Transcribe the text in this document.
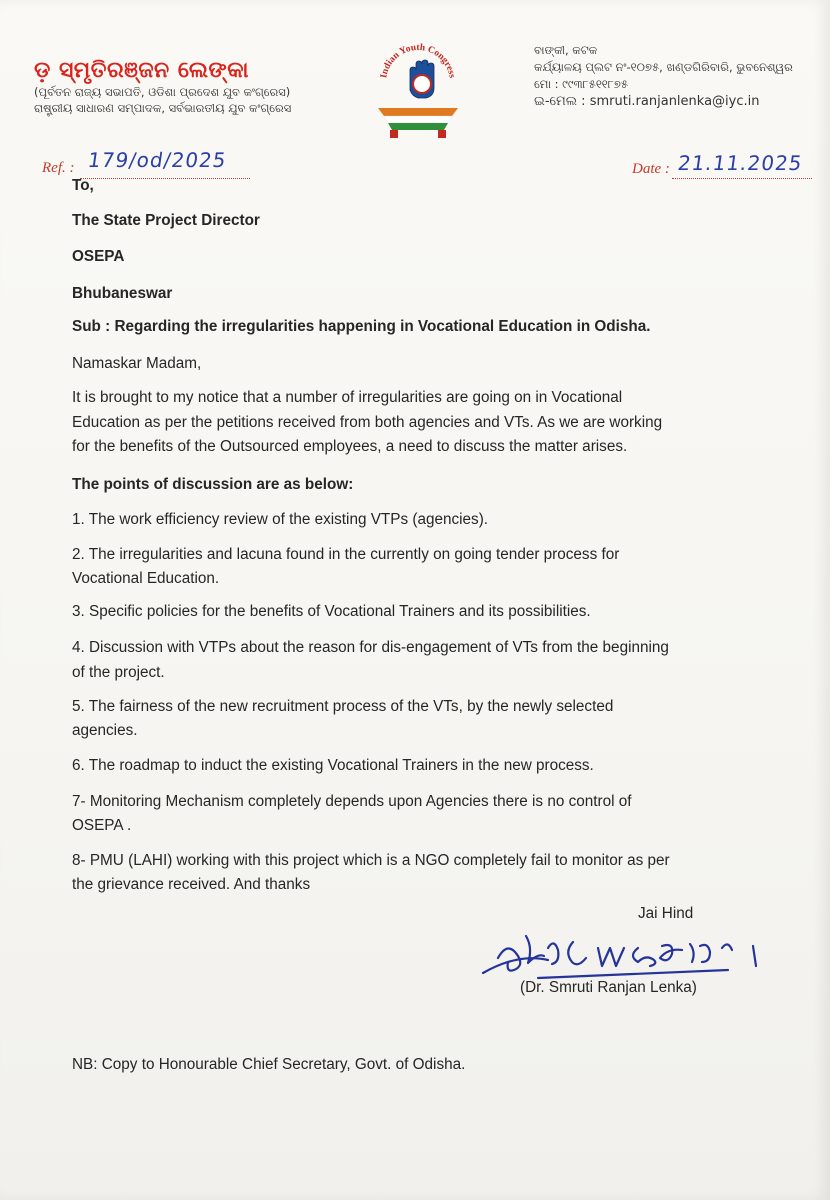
ଡ଼ ସ୍ମୃତିରଞ୍ଜନ ଲେଙ୍କା
(ପୂର୍ବତନ ରାଜ୍ୟ ସଭାପତି, ଓଡିଶା ପ୍ରଦେଶ ଯୁବ କଂଗ୍ରେସ)
ରାଷ୍ଟ୍ରୀୟ ସାଧାରଣ ସମ୍ପାଦକ, ସର୍ବଭାରତୀୟ ଯୁବ କଂଗ୍ରେସ
Indian Youth Congress
ବାଙ୍କୀ, କଟକ
କର୍ଯ୍ୟାଳୟ ପ୍ଲଟ ନଂ-୧୦୭୫, ଖଣ୍ଡଗିରିବାରି, ଭୁବନେଶ୍ୱର
ମୋ : ୯୯୩୮୫୧୧୮୭୫
ଇ-ମେଲ : smruti.ranjanlenka@iyc.in
Ref. : 179/od/2025	Date : 21.11.2025
To,
The State Project Director
OSEPA
Bhubaneswar
Sub : Regarding the irregularities happening in Vocational Education in Odisha.
Namaskar Madam,
It is brought to my notice that a number of irregularities are going on in Vocational
Education as per the petitions received from both agencies and VTs. As we are working
for the benefits of the Outsourced employees, a need to discuss the matter arises.
The points of discussion are as below:
1. The work efficiency review of the existing VTPs (agencies).
2. The irregularities and lacuna found in the currently on going tender process for
Vocational Education.
3. Specific policies for the benefits of Vocational Trainers and its possibilities.
4. Discussion with VTPs about the reason for dis-engagement of VTs from the beginning
of the project.
5. The fairness of the new recruitment process of the VTs, by the newly selected
agencies.
6. The roadmap to induct the existing Vocational Trainers in the new process.
7- Monitoring Mechanism completely depends upon Agencies there is no control of
OSEPA .
8- PMU (LAHI) working with this project which is a NGO completely fail to monitor as per
the grievance received. And thanks
Jai Hind
(Dr. Smruti Ranjan Lenka)
NB: Copy to Honourable Chief Secretary, Govt. of Odisha.
